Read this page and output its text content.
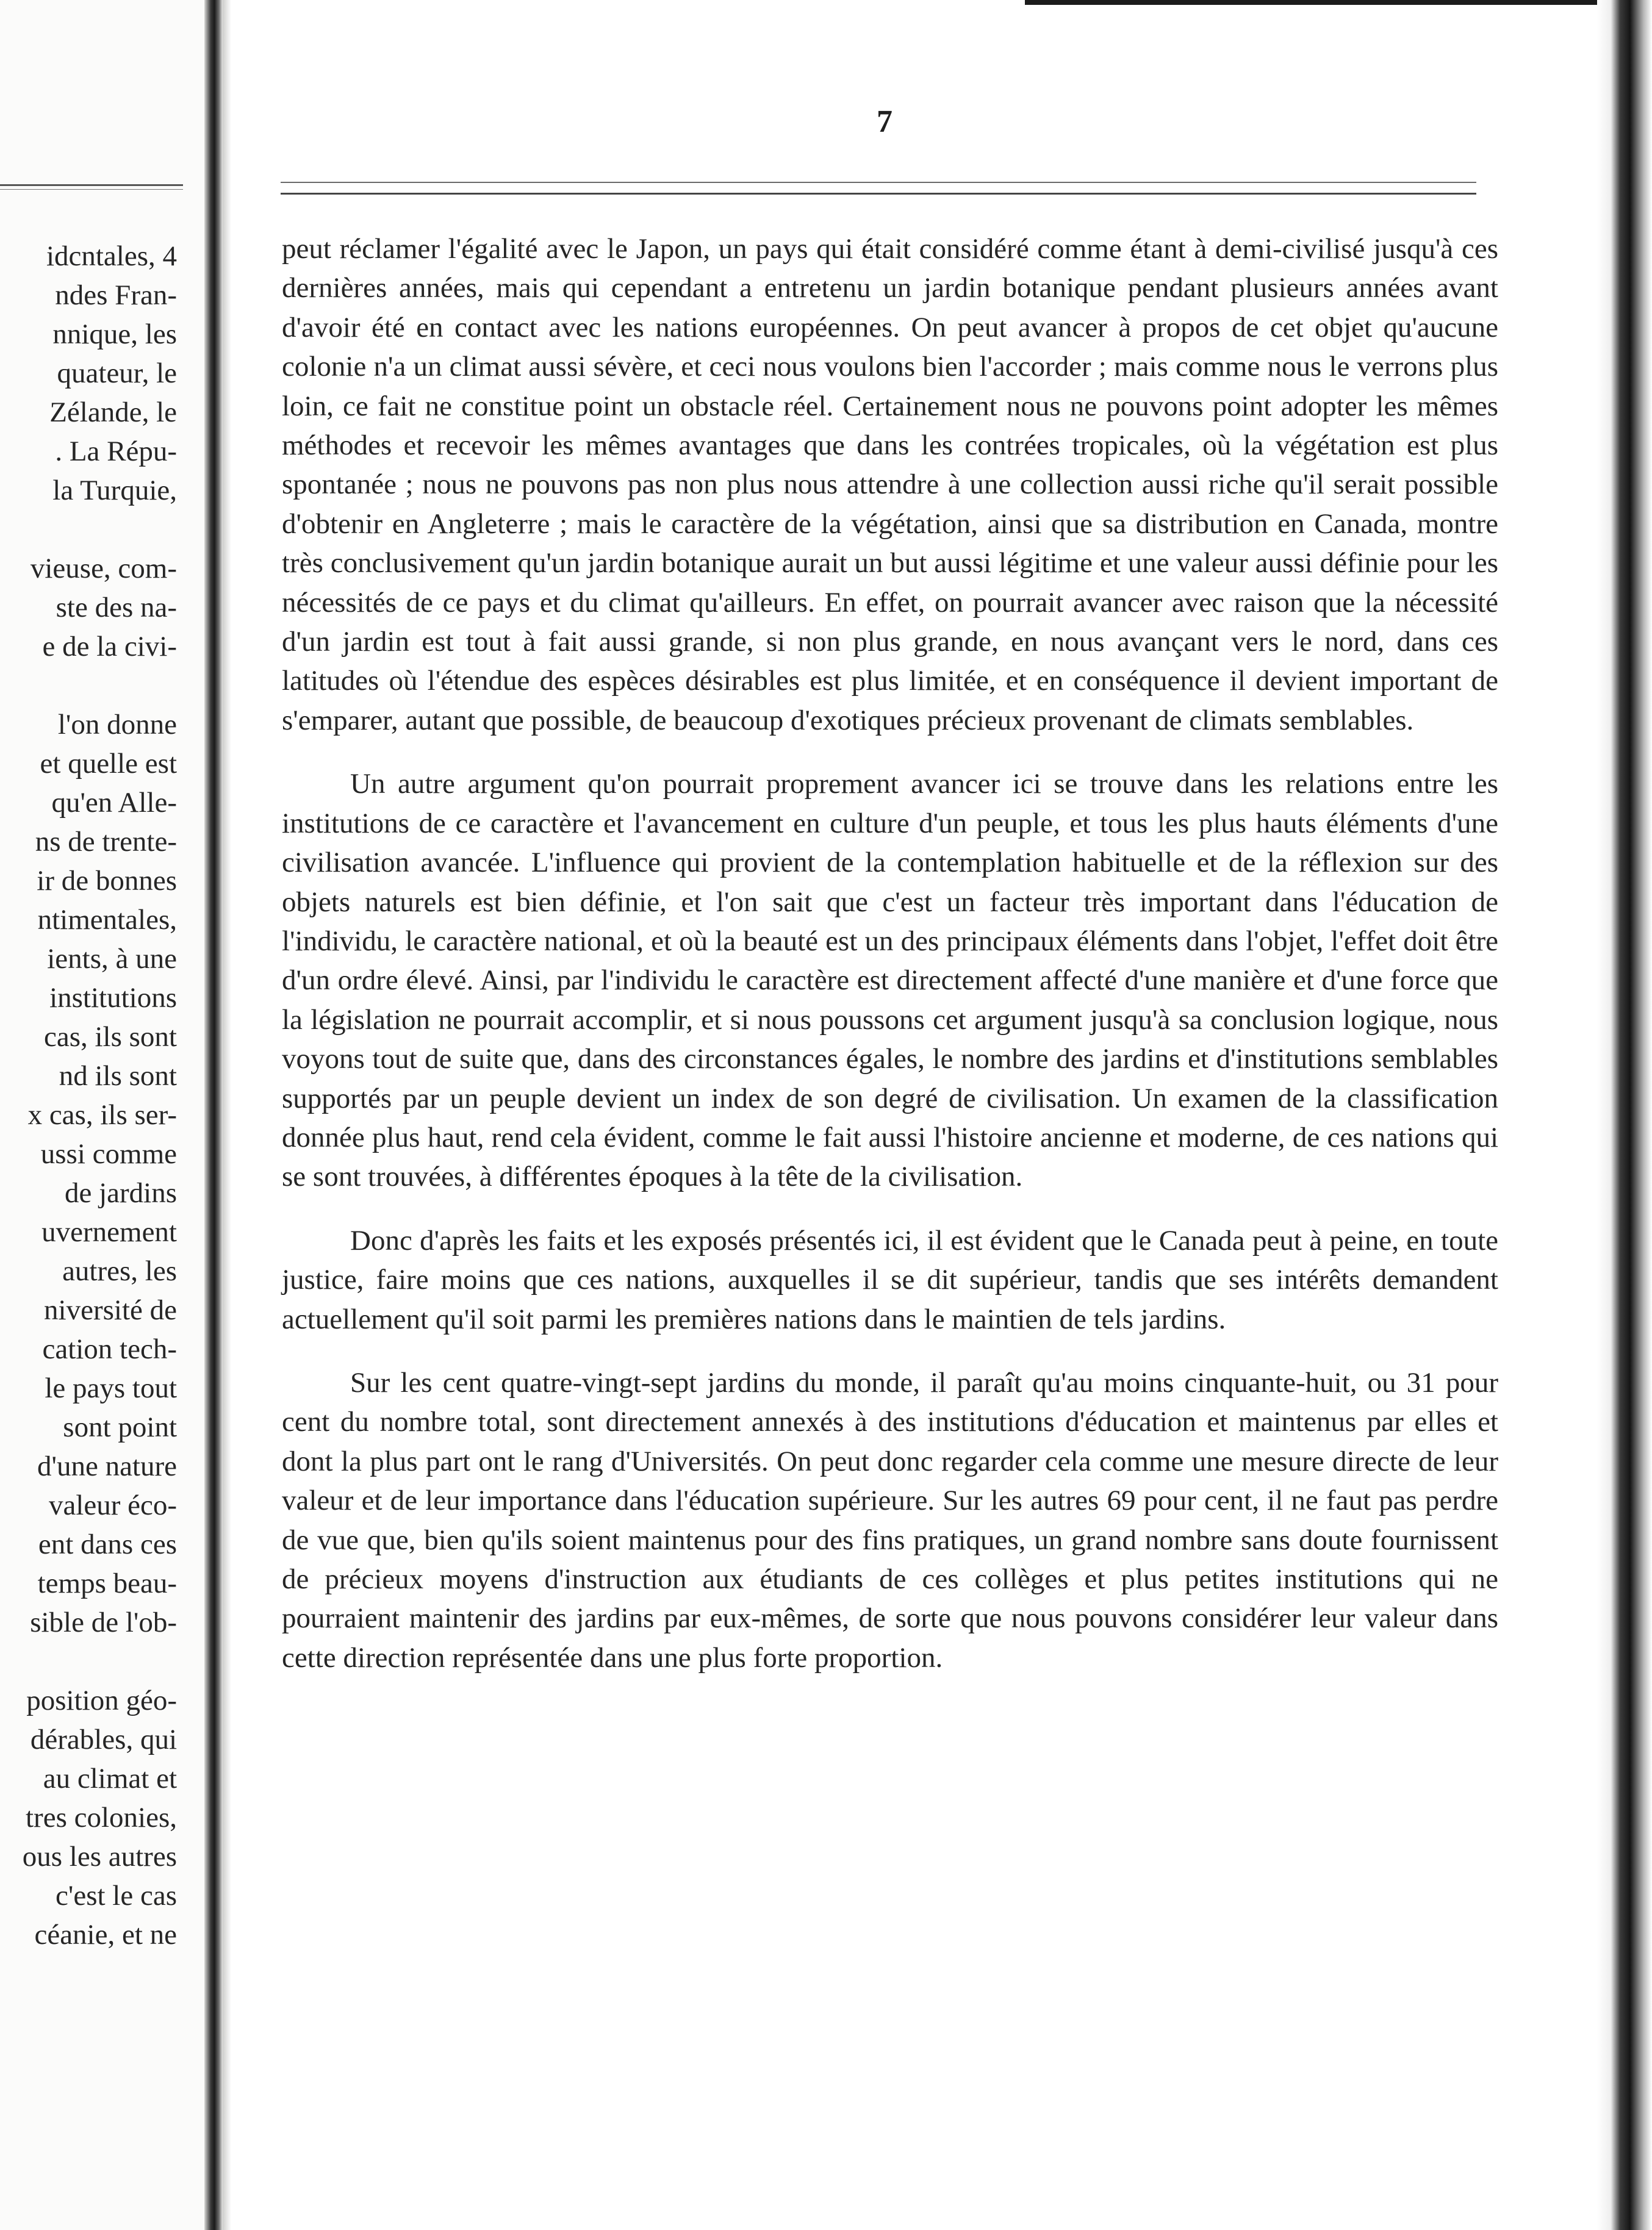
idcntales, 4
ndes Fran-
nnique, les
quateur, le
Zélande, le
. La Répu-
la Turquie,
vieuse, com-
ste des na-
e de la civi-
l'on donne
et quelle est
qu'en Alle-
ns de trente-
ir de bonnes
ntimentales,
ients, à une
institutions
cas, ils sont
nd ils sont
x cas, ils ser-
ussi comme
de jardins
uvernement
autres, les
niversité de
cation tech-
le pays tout
sont point
d'une nature
valeur éco-
ent dans ces
temps beau-
sible de l'ob-
position géo-
dérables, qui
au climat et
tres colonies,
ous les autres
c'est le cas
céanie, et ne
7

peut réclamer l'égalité avec le Japon, un pays qui était considéré comme étant à demi-civilisé jusqu'à ces dernières années, mais qui cependant a entretenu un jardin botanique pendant plusieurs années avant d'avoir été en contact avec les nations européennes. On peut avancer à propos de cet objet qu'aucune colonie n'a un climat aussi sévère, et ceci nous voulons bien l'accorder ; mais comme nous le verrons plus loin, ce fait ne constitue point un obstacle réel. Certainement nous ne pouvons point adopter les mêmes méthodes et recevoir les mêmes avantages que dans les contrées tropicales, où la végétation est plus spontanée ; nous ne pouvons pas non plus nous attendre à une collection aussi riche qu'il serait possible d'obtenir en Angleterre ; mais le caractère de la végétation, ainsi que sa distribution en Canada, montre très conclusivement qu'un jardin botanique aurait un but aussi légitime et une valeur aussi définie pour les nécessités de ce pays et du climat qu'ailleurs. En effet, on pourrait avancer avec raison que la nécessité d'un jardin est tout à fait aussi grande, si non plus grande, en nous avançant vers le nord, dans ces latitudes où l'étendue des espèces désirables est plus limitée, et en conséquence il devient important de s'emparer, autant que possible, de beaucoup d'exotiques précieux provenant de climats semblables.

Un autre argument qu'on pourrait proprement avancer ici se trouve dans les relations entre les institutions de ce caractère et l'avancement en culture d'un peuple, et tous les plus hauts éléments d'une civilisation avancée. L'influence qui provient de la contemplation habituelle et de la réflexion sur des objets naturels est bien définie, et l'on sait que c'est un facteur très important dans l'éducation de l'individu, le caractère national, et où la beauté est un des principaux éléments dans l'objet, l'effet doit être d'un ordre élevé. Ainsi, par l'individu le caractère est directement affecté d'une manière et d'une force que la législation ne pourrait accomplir, et si nous poussons cet argument jusqu'à sa conclusion logique, nous voyons tout de suite que, dans des circonstances égales, le nombre des jardins et d'institutions semblables supportés par un peuple devient un index de son degré de civilisation. Un examen de la classification donnée plus haut, rend cela évident, comme le fait aussi l'histoire ancienne et moderne, de ces nations qui se sont trouvées, à différentes époques à la tête de la civilisation.

Donc d'après les faits et les exposés présentés ici, il est évident que le Canada peut à peine, en toute justice, faire moins que ces nations, auxquelles il se dit supérieur, tandis que ses intérêts demandent actuellement qu'il soit parmi les premières nations dans le maintien de tels jardins.

Sur les cent quatre-vingt-sept jardins du monde, il paraît qu'au moins cinquante-huit, ou 31 pour cent du nombre total, sont directement annexés à des institutions d'éducation et maintenus par elles et dont la plus part ont le rang d'Universités. On peut donc regarder cela comme une mesure directe de leur valeur et de leur importance dans l'éducation supérieure. Sur les autres 69 pour cent, il ne faut pas perdre de vue que, bien qu'ils soient maintenus pour des fins pratiques, un grand nombre sans doute fournissent de précieux moyens d'instruction aux étudiants de ces collèges et plus petites institutions qui ne pourraient maintenir des jardins par eux-mêmes, de sorte que nous pouvons considérer leur valeur dans cette direction représentée dans une plus forte proportion.
